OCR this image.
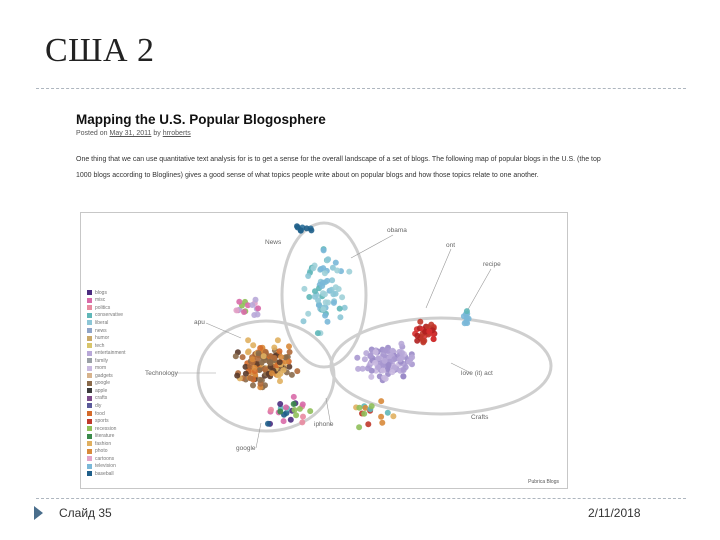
США 2
Mapping the U.S. Popular Blogosphere
Posted on May 31, 2011 by hrroberts
One thing that we can use quantitative text analysis for is to get a sense for the overall landscape of a set of blogs. The following map of popular blogs in the U.S. (the top 1000 blogs according to Bloglines) gives a good sense of what topics people write about on popular blogs and how those topics relate to one another.
blogs
misc
politics
conservative
liberal
news
humor
tech
entertainment
family
mom
gadgets
google
apple
crafts
diy
food
sports
recession
literature
fashion
photo
cartoons
television
baseball
News
obama
ont
recipe
apu
Technology	love (it) act
Crafts
iphone
google
Pubrica Blogs
Слайд 35	2/11/2018
